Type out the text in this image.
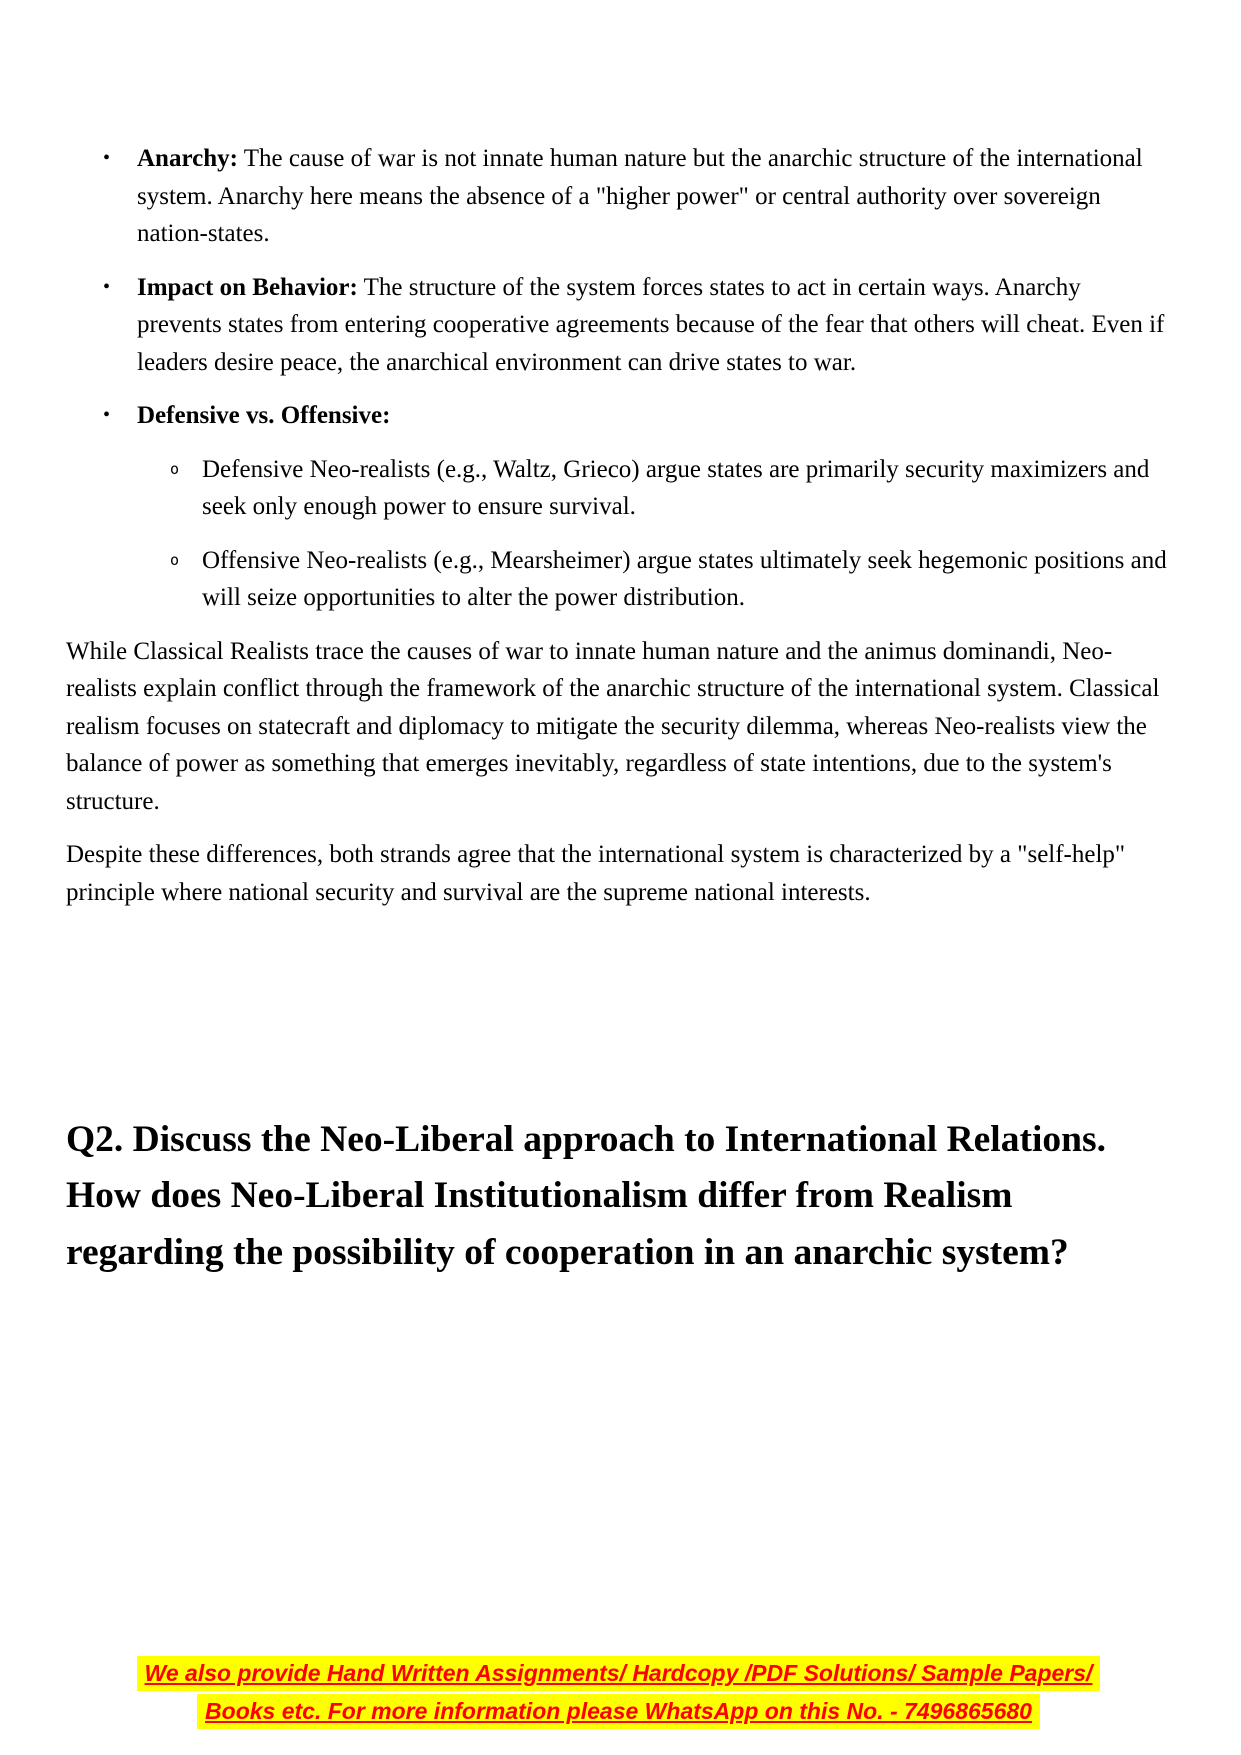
•	Anarchy: The cause of war is not innate human nature but the anarchic structure of the international system. Anarchy here means the absence of a "higher power" or central authority over sovereign nation-states.
•	Impact on Behavior: The structure of the system forces states to act in certain ways. Anarchy prevents states from entering cooperative agreements because of the fear that others will cheat. Even if leaders desire peace, the anarchical environment can drive states to war.
•	Defensive vs. Offensive:
o Defensive Neo-realists (e.g., Waltz, Grieco) argue states are primarily security maximizers and seek only enough power to ensure survival.
o Offensive Neo-realists (e.g., Mearsheimer) argue states ultimately seek hegemonic positions and will seize opportunities to alter the power distribution.

While Classical Realists trace the causes of war to innate human nature and the animus dominandi, Neo-realists explain conflict through the framework of the anarchic structure of the international system. Classical realism focuses on statecraft and diplomacy to mitigate the security dilemma, whereas Neo-realists view the balance of power as something that emerges inevitably, regardless of state intentions, due to the system's structure.

Despite these differences, both strands agree that the international system is characterized by a "self-help" principle where national security and survival are the supreme national interests.

Q2. Discuss the Neo-Liberal approach to International Relations. How does Neo-Liberal Institutionalism differ from Realism regarding the possibility of cooperation in an anarchic system?
We also provide Hand Written Assignments/ Hardcopy /PDF Solutions/ Sample Papers/
Books etc. For more information please WhatsApp on this No. - 7496865680
